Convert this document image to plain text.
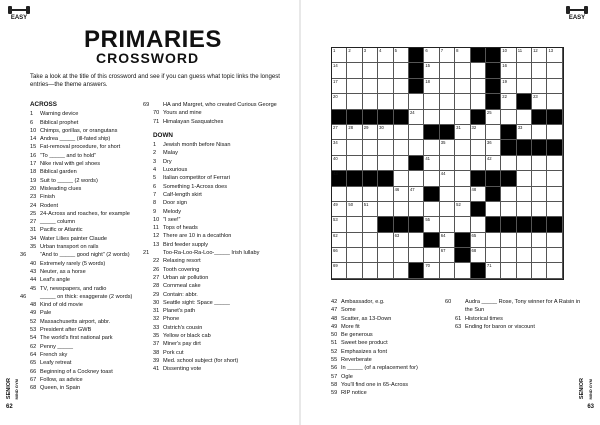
EASY
PRIMARIES
CROSSWORD
Take a look at the title of this crossword and see if you can guess what topic links the longest entries—the theme answers.
ACROSS
1 Warning device
6 Biblical prophet
10 Chimps, gorillas, or orangutans
14 Andrea _____ (ill-fated ship)
15 Fat-removal procedure, for short
16 “To _____ and to hold”
17 Nike rival with gel shoes
18 Biblical garden
19 Suit to _____ (2 words)
20 Misleading clues
23 Finish
24 Rodent
25 24-Across and roaches, for example
27 _____ column
31 Pacific or Atlantic
34 Water Lilies painter Claude
35 Urban transport on rails
36 “And to _____ good night” (2 words)
40 Extremely rarely (5 words)
43 Neuter, as a horse
44 Leaf's angle
45 TV, newspapers, and radio
46 _____ on thick: exaggerate (2 words)
48 Kind of old movie
49 Pale
52 Massachusetts airport, abbr.
53 President after GWB
54 The world's first national park
62 Penny _____
64 French sky
65 Leafy retreat
66 Beginning of a Cockney toast
67 Follow, as advice
68 Queen, in Spain
69 HA and Margret, who created Curious George
70 Yours and mine
71 Himalayan Sasquatches
DOWN
1 Jewish month before Nisan
2 Malay
3 Dry
4 Luxurious
5 Italian competitor of Ferrari
6 Something 1-Across does
7 Calf-length skirt
8 Door sign
9 Melody
10 “I see!”
11 Tops of heads
12 There are 10 in a decathlon
13 Bird feeder supply
21 Too-Ra-Loo-Ra-Loo-_____ Irish lullaby
22 Relaxing resort
26 Tooth covering
27 Urban air pollution
28 Cornmeal cake
29 Contain: abbr.
30 Seattle sight: Space _____
31 Planet's path
32 Phone
33 Ostrich's cousin
35 Yellow or black cab
37 Miner's pay dirt
38 Pork cut
39 Med. school subject (for short)
41 Dissenting vote
SENIOR MIND GYM
62
EASY
SENIOR MIND GYM
63
1	2	3	4	5	6	7	8	10	11	12	13
14	15	16
17	18	19
20	22	23
24	25
27	28	29	30	31	32	33
34	35	36
40	41	42
43	44
46	47	48
49	50	51	52
53	55
62	63	64	65
66	67	68
69	70	71
42 Ambassador, e.g.
47 Some
48 Scatter, as 13-Down
49 More fit
50 Be generous
51 Sweet bee product
52 Emphasizes a font
55 Reverberate
56 In _____ (of a replacement for)
57 Ogle
58 You'll find one in 65-Across
59 RIP notice
60 Audra _____ Rose, Tony winner for A Raisin in the Sun
61 Historical times
63 Ending for baron or viscount
